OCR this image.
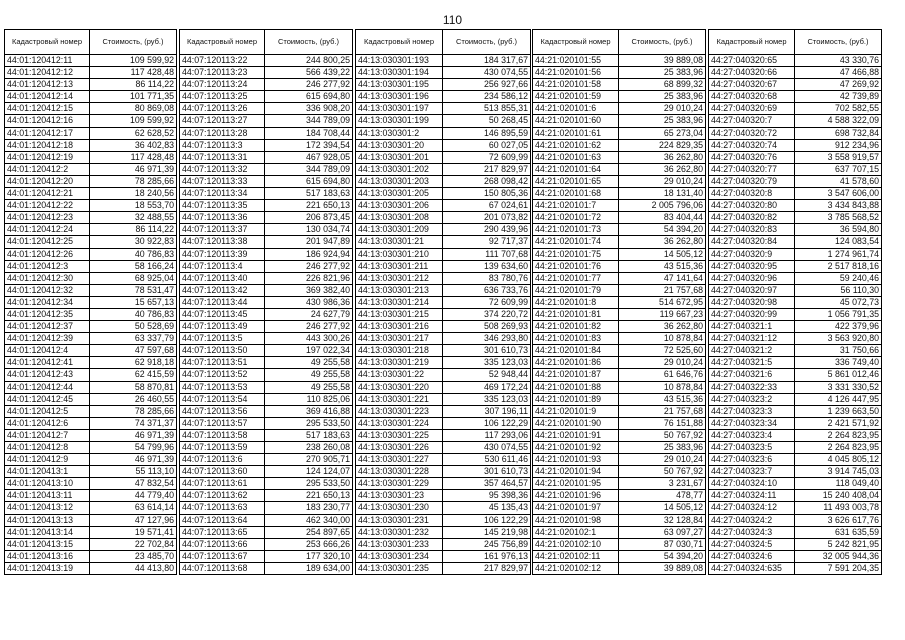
110
Кадастровый номер	Стоимость, (руб.)
44:01:120412:11	109 599,92
44:01:120412:12	117 428,48
44:01:120412:13	86 114,22
44:01:120412:14	101 771,35
44:01:120412:15	80 869,08
44:01:120412:16	109 599,92
44:01:120412:17	62 628,52
44:01:120412:18	36 402,83
44:01:120412:19	117 428,48
44:01:120412:2	46 971,39
44:01:120412:20	78 285,66
44:01:120412:21	18 240,56
44:01:120412:22	18 553,70
44:01:120412:23	32 488,55
44:01:120412:24	86 114,22
44:01:120412:25	30 922,83
44:01:120412:26	40 786,83
44:01:120412:3	58 166,24
44:01:120412:30	68 925,04
44:01:120412:32	78 531,47
44:01:120412:34	15 657,13
44:01:120412:35	40 786,83
44:01:120412:37	50 528,69
44:01:120412:39	63 337,79
44:01:120412:4	47 597,68
44:01:120412:41	62 918,18
44:01:120412:43	62 415,59
44:01:120412:44	58 870,81
44:01:120412:45	26 460,55
44:01:120412:5	78 285,66
44:01:120412:6	74 371,37
44:01:120412:7	46 971,39
44:01:120412:8	54 799,96
44:01:120412:9	46 971,39
44:01:120413:1	55 113,10
44:01:120413:10	47 832,54
44:01:120413:11	44 779,40
44:01:120413:12	63 614,14
44:01:120413:13	47 127,96
44:01:120413:14	19 571,41
44:01:120413:15	22 702,84
44:01:120413:16	23 485,70
44:01:120413:19	44 413,80
Кадастровый номер	Стоимость, (руб.)
44:07:120113:22	244 800,25
44:07:120113:23	566 439,22
44:07:120113:24	246 277,92
44:07:120113:25	615 694,80
44:07:120113:26	336 908,20
44:07:120113:27	344 789,09
44:07:120113:28	184 708,44
44:07:120113:3	172 394,54
44:07:120113:31	467 928,05
44:07:120113:32	344 789,09
44:07:120113:33	615 694,80
44:07:120113:34	517 183,63
44:07:120113:35	221 650,13
44:07:120113:36	206 873,45
44:07:120113:37	130 034,74
44:07:120113:38	201 947,89
44:07:120113:39	186 924,94
44:07:120113:4	246 277,92
44:07:120113:40	226 821,96
44:07:120113:42	369 382,40
44:07:120113:44	430 986,36
44:07:120113:45	24 627,79
44:07:120113:49	246 277,92
44:07:120113:5	443 300,26
44:07:120113:50	197 022,34
44:07:120113:51	49 255,58
44:07:120113:52	49 255,58
44:07:120113:53	49 255,58
44:07:120113:54	110 825,06
44:07:120113:56	369 416,88
44:07:120113:57	295 533,50
44:07:120113:58	517 183,63
44:07:120113:59	238 260,08
44:07:120113:6	270 905,71
44:07:120113:60	124 124,07
44:07:120113:61	295 533,50
44:07:120113:62	221 650,13
44:07:120113:63	183 230,77
44:07:120113:64	462 340,00
44:07:120113:65	254 897,65
44:07:120113:66	253 666,26
44:07:120113:67	177 320,10
44:07:120113:68	189 634,00
Кадастровый номер	Стоимость, (руб.)
44:13:030301:193	184 317,67
44:13:030301:194	430 074,55
44:13:030301:195	256 927,66
44:13:030301:196	234 586,12
44:13:030301:197	513 855,31
44:13:030301:199	50 268,45
44:13:030301:2	146 895,59
44:13:030301:20	60 027,05
44:13:030301:201	72 609,99
44:13:030301:202	217 829,97
44:13:030301:203	268 098,42
44:13:030301:205	150 805,36
44:13:030301:206	67 024,61
44:13:030301:208	201 073,82
44:13:030301:209	290 439,96
44:13:030301:21	92 717,37
44:13:030301:210	111 707,68
44:13:030301:211	139 634,60
44:13:030301:212	83 780,76
44:13:030301:213	636 733,76
44:13:030301:214	72 609,99
44:13:030301:215	374 220,72
44:13:030301:216	508 269,93
44:13:030301:217	346 293,80
44:13:030301:218	301 610,73
44:13:030301:219	335 123,03
44:13:030301:22	52 948,44
44:13:030301:220	469 172,24
44:13:030301:221	335 123,03
44:13:030301:223	307 196,11
44:13:030301:224	106 122,29
44:13:030301:225	117 293,06
44:13:030301:226	430 074,55
44:13:030301:227	530 611,46
44:13:030301:228	301 610,73
44:13:030301:229	357 464,57
44:13:030301:23	95 398,36
44:13:030301:230	45 135,43
44:13:030301:231	106 122,29
44:13:030301:232	145 219,98
44:13:030301:233	245 756,89
44:13:030301:234	161 976,13
44:13:030301:235	217 829,97
Кадастровый номер	Стоимость, (руб.)
44:21:020101:55	39 889,08
44:21:020101:56	25 383,96
44:21:020101:58	68 899,32
44:21:020101:59	25 383,96
44:21:020101:6	29 010,24
44:21:020101:60	25 383,96
44:21:020101:61	65 273,04
44:21:020101:62	224 829,35
44:21:020101:63	36 262,80
44:21:020101:64	36 262,80
44:21:020101:65	29 010,24
44:21:020101:68	18 131,40
44:21:020101:7	2 005 796,06
44:21:020101:72	83 404,44
44:21:020101:73	54 394,20
44:21:020101:74	36 262,80
44:21:020101:75	14 505,12
44:21:020101:76	43 515,36
44:21:020101:77	47 141,64
44:21:020101:79	21 757,68
44:21:020101:8	514 672,95
44:21:020101:81	119 667,23
44:21:020101:82	36 262,80
44:21:020101:83	10 878,84
44:21:020101:84	72 525,60
44:21:020101:86	29 010,24
44:21:020101:87	61 646,76
44:21:020101:88	10 878,84
44:21:020101:89	43 515,36
44:21:020101:9	21 757,68
44:21:020101:90	76 151,88
44:21:020101:91	50 767,92
44:21:020101:92	25 383,96
44:21:020101:93	29 010,24
44:21:020101:94	50 767,92
44:21:020101:95	3 231,67
44:21:020101:96	478,77
44:21:020101:97	14 505,12
44:21:020101:98	32 128,84
44:21:020102:1	63 097,27
44:21:020102:10	87 030,71
44:21:020102:11	54 394,20
44:21:020102:12	39 889,08
Кадастровый номер	Стоимость, (руб.)
44:27:040320:65	43 330,76
44:27:040320:66	47 466,88
44:27:040320:67	47 269,92
44:27:040320:68	42 739,89
44:27:040320:69	702 582,55
44:27:040320:7	4 588 322,09
44:27:040320:72	698 732,84
44:27:040320:74	912 234,96
44:27:040320:76	3 558 919,57
44:27:040320:77	637 707,15
44:27:040320:79	41 578,60
44:27:040320:8	3 547 606,00
44:27:040320:80	3 434 843,88
44:27:040320:82	3 785 568,52
44:27:040320:83	36 594,80
44:27:040320:84	124 083,54
44:27:040320:9	1 274 961,74
44:27:040320:95	2 517 818,16
44:27:040320:96	59 240,46
44:27:040320:97	56 110,30
44:27:040320:98	45 072,73
44:27:040320:99	1 056 791,35
44:27:040321:1	422 379,96
44:27:040321:12	3 563 920,80
44:27:040321:2	31 750,66
44:27:040321:5	336 749,40
44:27:040321:6	5 861 012,46
44:27:040322:33	3 331 330,52
44:27:040323:2	4 126 447,95
44:27:040323:3	1 239 663,50
44:27:040323:34	2 421 571,92
44:27:040323:4	2 264 823,95
44:27:040323:5	2 264 823,95
44:27:040323:6	4 045 805,12
44:27:040323:7	3 914 745,03
44:27:040324:10	118 049,40
44:27:040324:11	15 240 408,04
44:27:040324:12	11 493 003,78
44:27:040324:2	3 626 617,76
44:27:040324:3	631 635,59
44:27:040324:5	5 242 821,95
44:27:040324:6	32 005 944,36
44:27:040324:635	7 591 204,35
